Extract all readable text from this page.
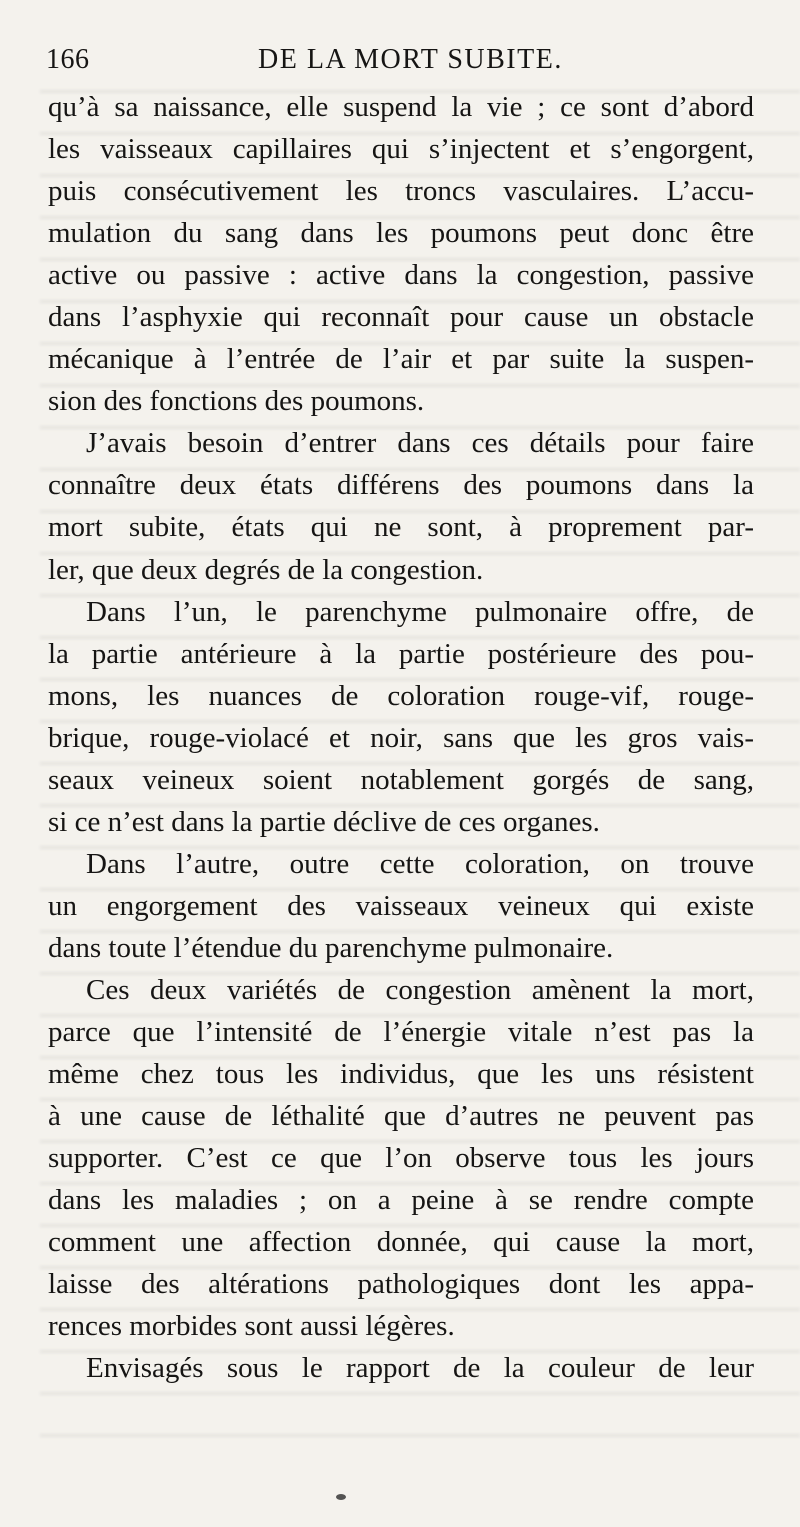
166	DE LA MORT SUBITE.
qu’à sa naissance, elle suspend la vie ; ce sont d’abord
les vaisseaux capillaires qui s’injectent et s’engorgent,
puis consécutivement les troncs vasculaires. L’accu-
mulation du sang dans les poumons peut donc être
active ou passive : active dans la congestion, passive
dans l’asphyxie qui reconnaît pour cause un obstacle
mécanique à l’entrée de l’air et par suite la suspen-
sion des fonctions des poumons.
J’avais besoin d’entrer dans ces détails pour faire
connaître deux états différens des poumons dans la
mort subite, états qui ne sont, à proprement par-
ler, que deux degrés de la congestion.
Dans l’un, le parenchyme pulmonaire offre, de
la partie antérieure à la partie postérieure des pou-
mons, les nuances de coloration rouge-vif, rouge-
brique, rouge-violacé et noir, sans que les gros vais-
seaux veineux soient notablement gorgés de sang,
si ce n’est dans la partie déclive de ces organes.
Dans l’autre, outre cette coloration, on trouve
un engorgement des vaisseaux veineux qui existe
dans toute l’étendue du parenchyme pulmonaire.
Ces deux variétés de congestion amènent la mort,
parce que l’intensité de l’énergie vitale n’est pas la
même chez tous les individus, que les uns résistent
à une cause de léthalité que d’autres ne peuvent pas
supporter. C’est ce que l’on observe tous les jours
dans les maladies ; on a peine à se rendre compte
comment une affection donnée, qui cause la mort,
laisse des altérations pathologiques dont les appa-
rences morbides sont aussi légères.
Envisagés sous le rapport de la couleur de leur
